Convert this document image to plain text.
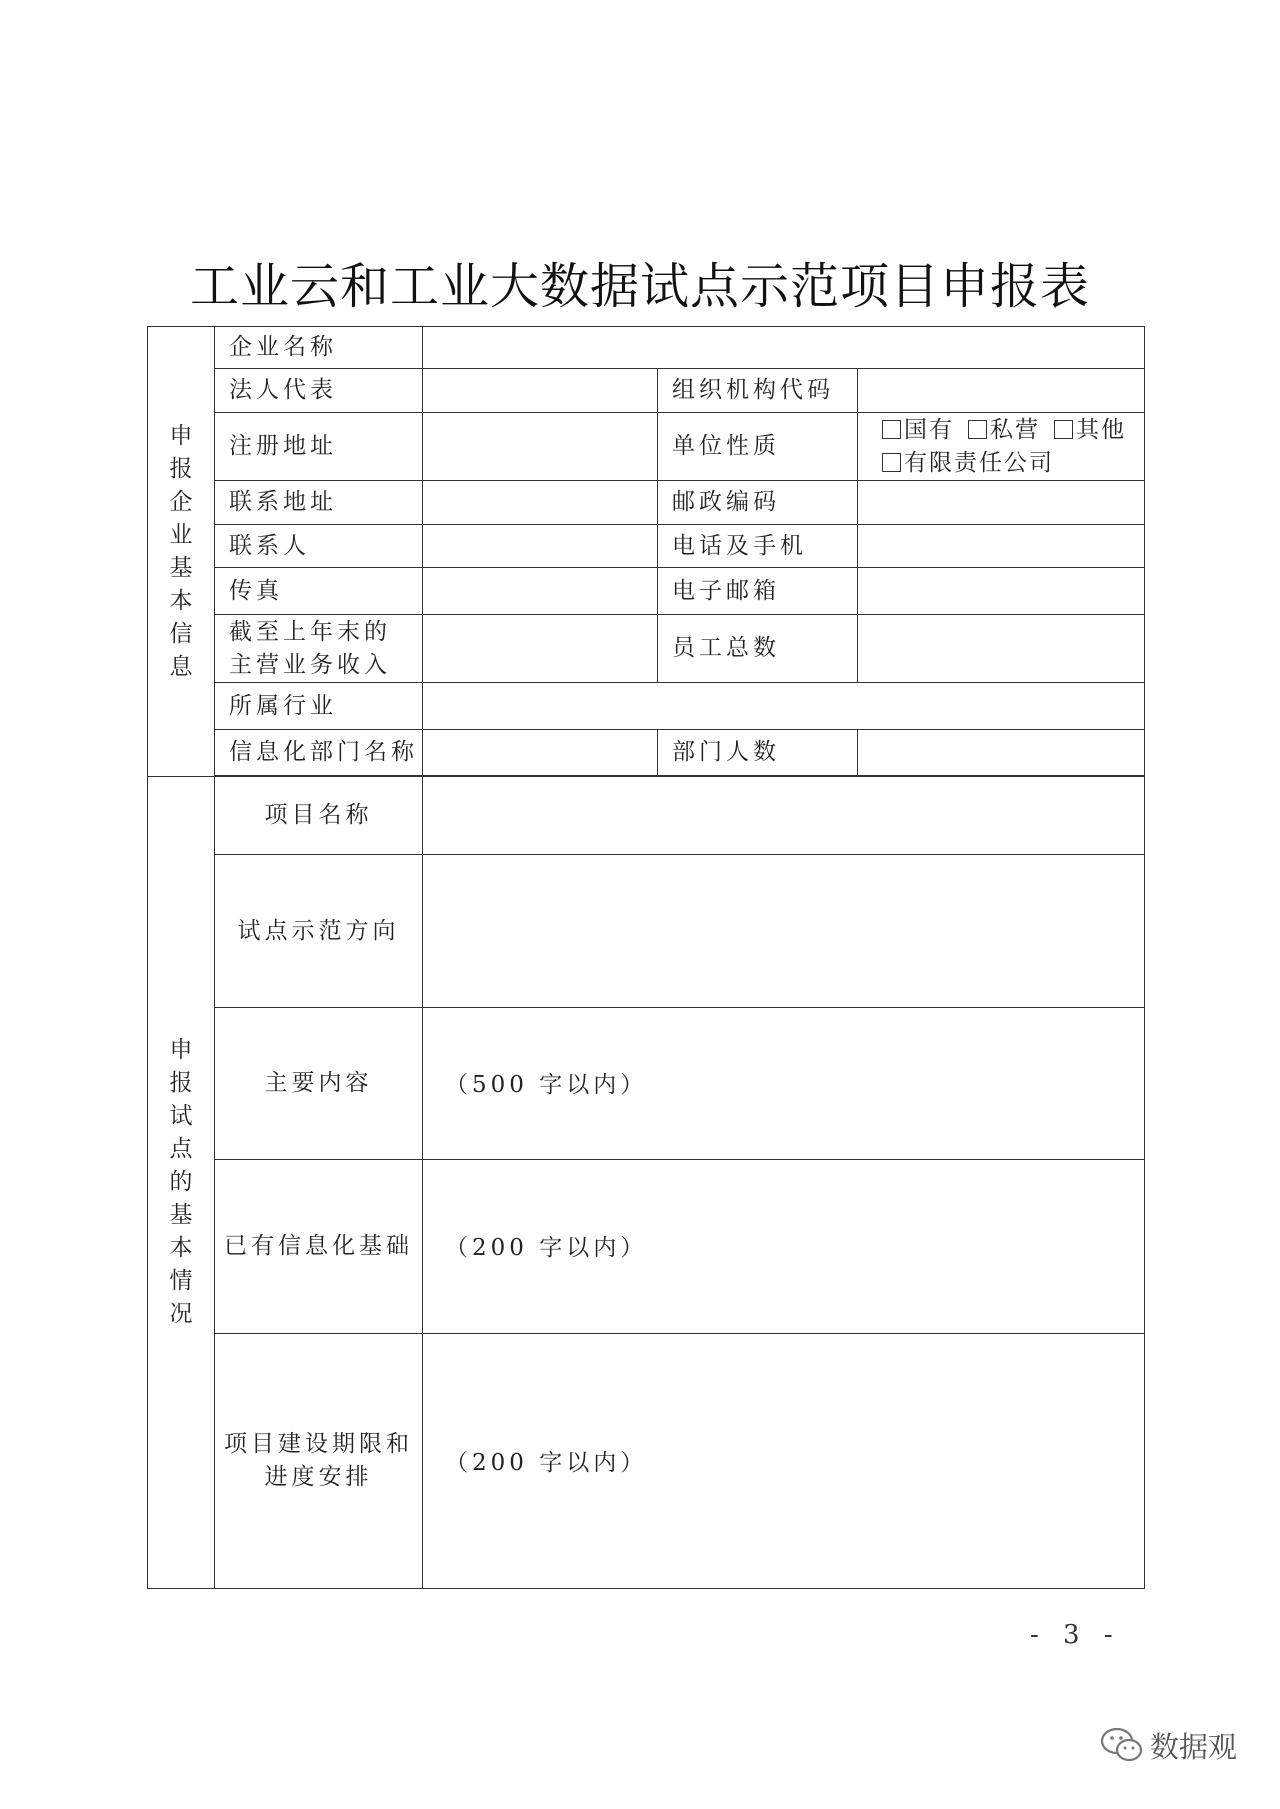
工业云和工业大数据试点示范项目申报表
申报企业基本信息	企业名称			
	法人代表		组织机构代码	
	注册地址		单位性质	国有 私营 其他
有限责任公司
	联系地址		邮政编码	
	联系人		电话及手机	
	传真		电子邮箱	
	截至上年末的主营业务收入		员工总数	
	所属行业			
	信息化部门名称		部门人数	

申报试点的基本情况	项目名称			
	试点示范方向			
	主要内容	（500 字以内）		
	已有信息化基础	（200 字以内）		
	项目建设期限和进度安排	（200 字以内）		
- 3 -
数据观
